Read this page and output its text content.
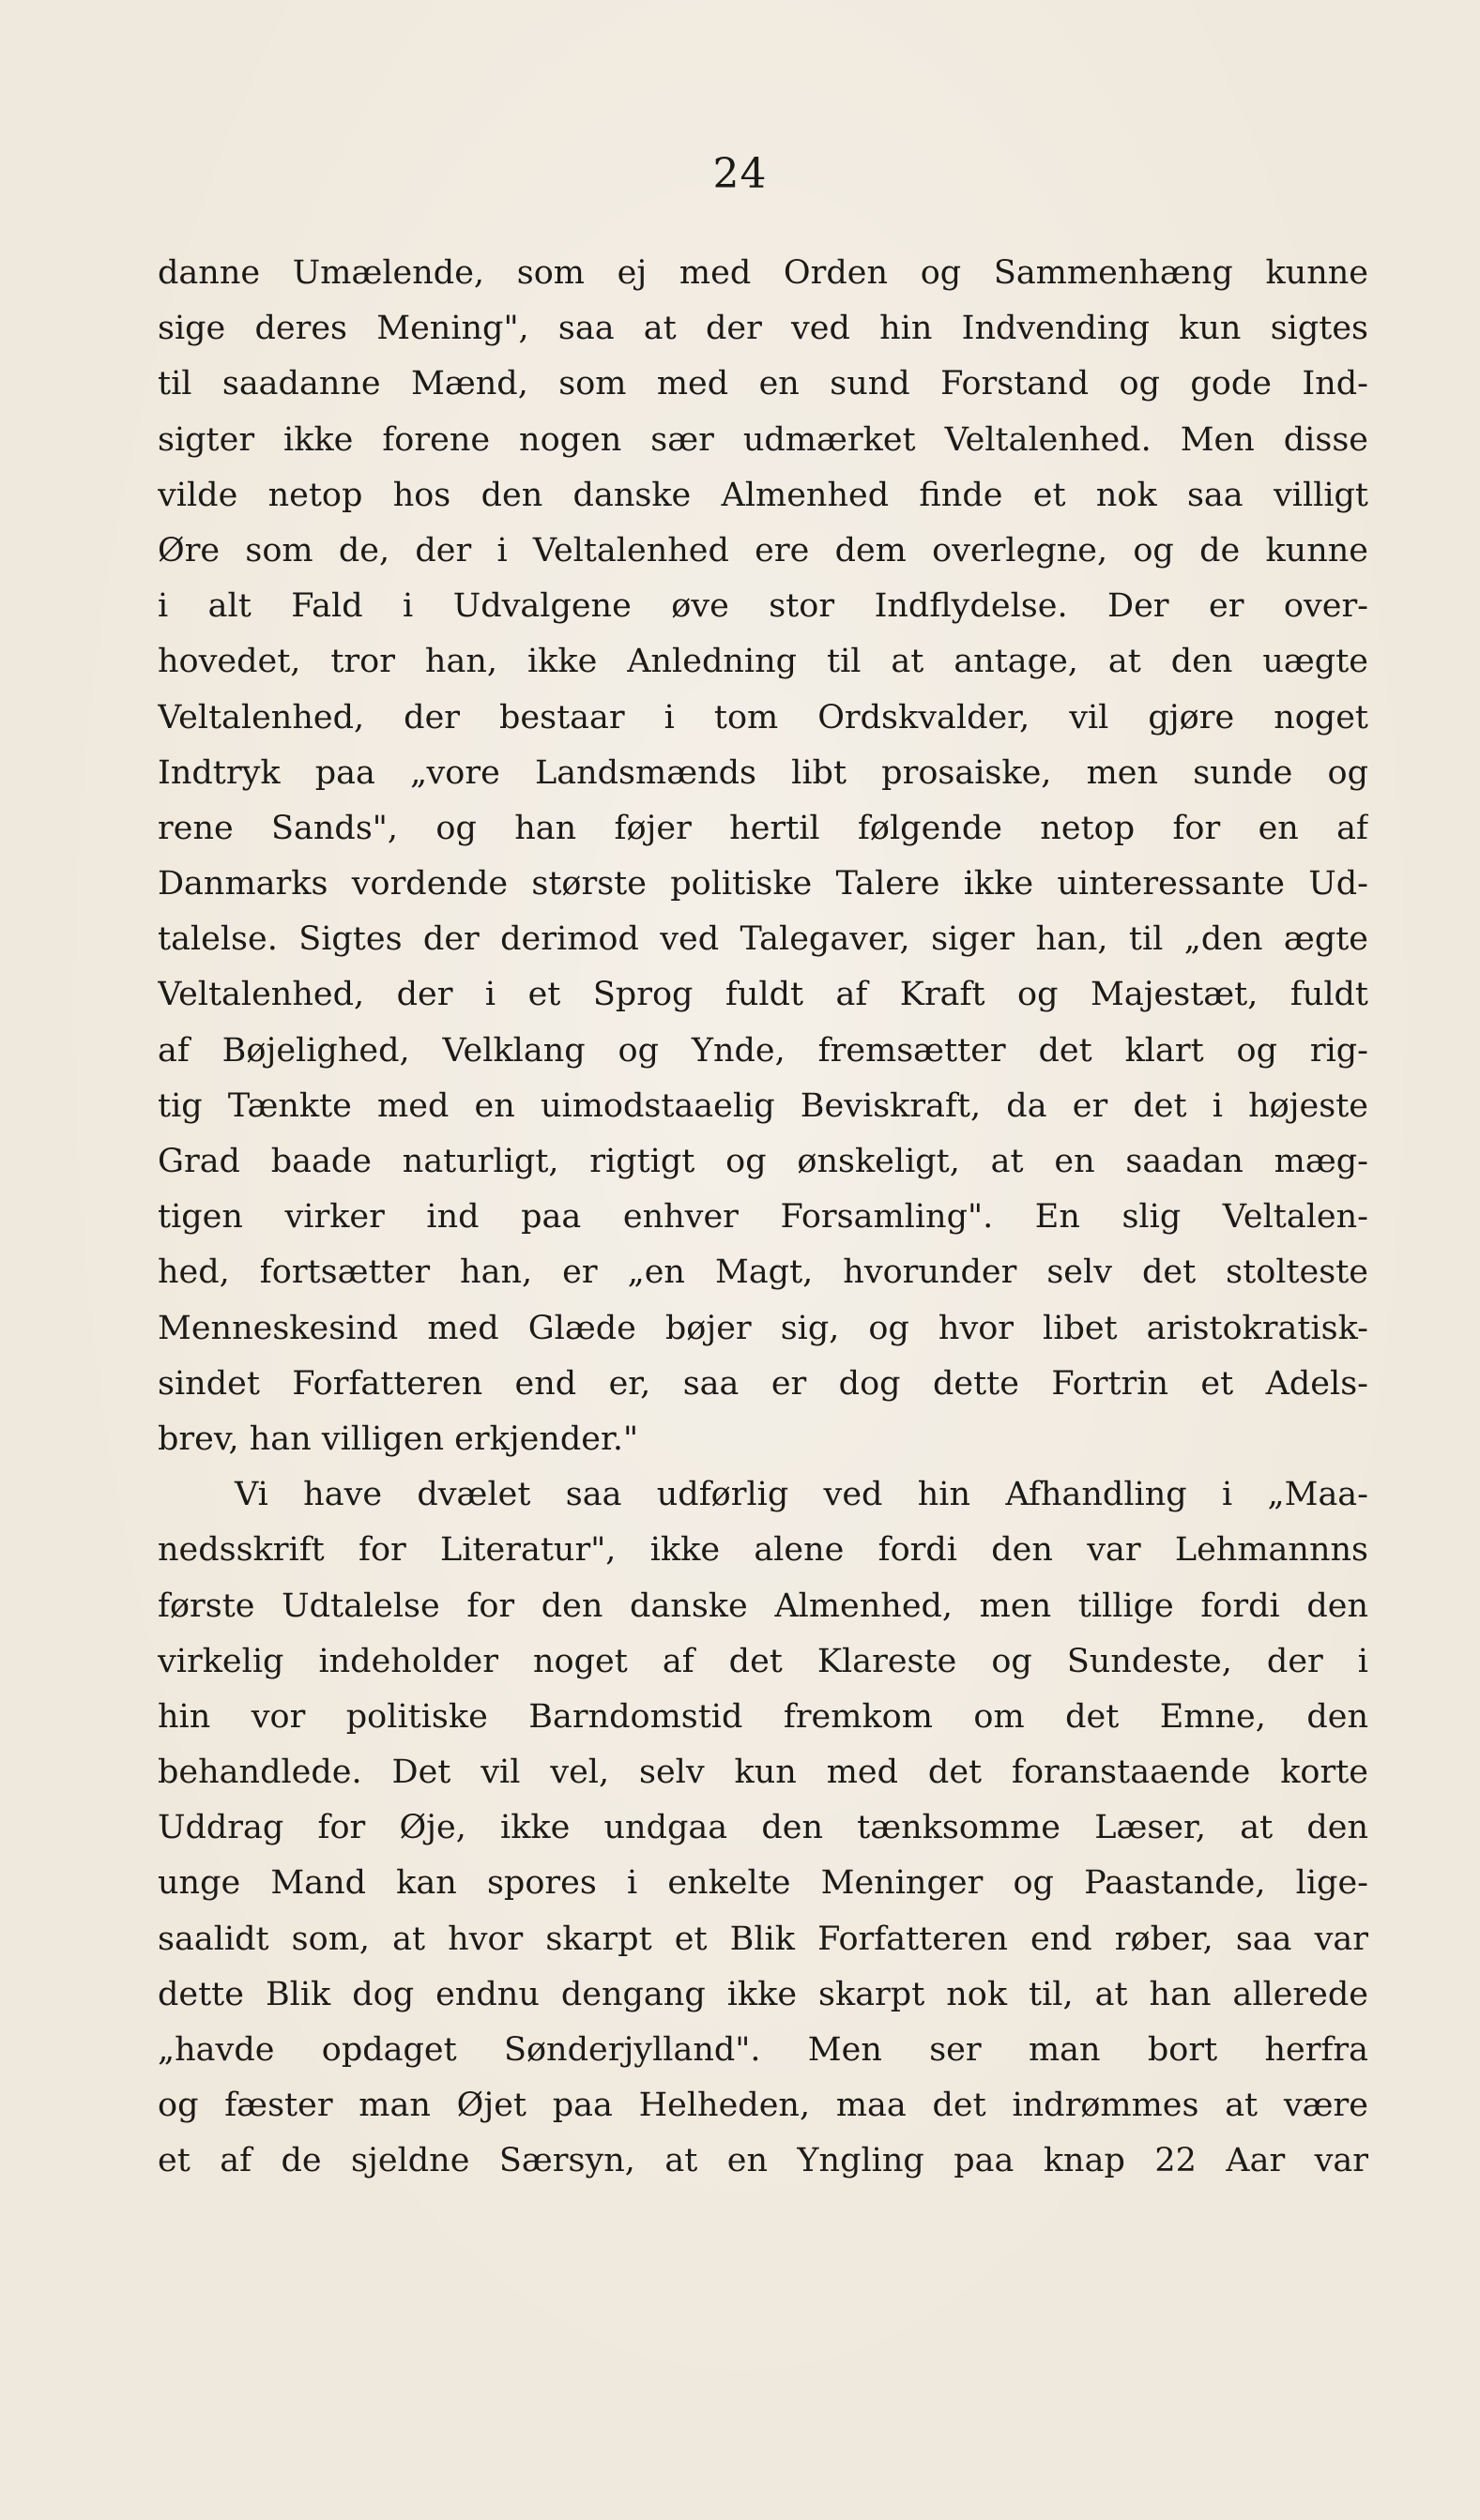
24
danne Umælende, som ej med Orden og Sammenhæng kunne
sige deres Mening", saa at der ved hin Indvending kun sigtes
til saadanne Mænd, som med en sund Forstand og gode Ind-
sigter ikke forene nogen sær udmærket Veltalenhed. Men disse
vilde netop hos den danske Almenhed finde et nok saa villigt
Øre som de, der i Veltalenhed ere dem overlegne, og de kunne
i alt Fald i Udvalgene øve stor Indflydelse. Der er over-
hovedet, tror han, ikke Anledning til at antage, at den uægte
Veltalenhed, der bestaar i tom Ordskvalder, vil gjøre noget
Indtryk paa „vore Landsmænds libt prosaiske, men sunde og
rene Sands", og han føjer hertil følgende netop for en af
Danmarks vordende største politiske Talere ikke uinteressante Ud-
talelse. Sigtes der derimod ved Talegaver, siger han, til „den ægte
Veltalenhed, der i et Sprog fuldt af Kraft og Majestæt, fuldt
af Bøjelighed, Velklang og Ynde, fremsætter det klart og rig-
tig Tænkte med en uimodstaaelig Beviskraft, da er det i højeste
Grad baade naturligt, rigtigt og ønskeligt, at en saadan mæg-
tigen virker ind paa enhver Forsamling". En slig Veltalen-
hed, fortsætter han, er „en Magt, hvorunder selv det stolteste
Menneskesind med Glæde bøjer sig, og hvor libet aristokratisk-
sindet Forfatteren end er, saa er dog dette Fortrin et Adels-
brev, han villigen erkjender."
Vi have dvælet saa udførlig ved hin Afhandling i „Maa-
nedsskrift for Literatur", ikke alene fordi den var Lehmannns
første Udtalelse for den danske Almenhed, men tillige fordi den
virkelig indeholder noget af det Klareste og Sundeste, der i
hin vor politiske Barndomstid fremkom om det Emne, den
behandlede. Det vil vel, selv kun med det foranstaaende korte
Uddrag for Øje, ikke undgaa den tænksomme Læser, at den
unge Mand kan spores i enkelte Meninger og Paastande, lige-
saalidt som, at hvor skarpt et Blik Forfatteren end røber, saa var
dette Blik dog endnu dengang ikke skarpt nok til, at han allerede
„havde opdaget Sønderjylland". Men ser man bort herfra
og fæster man Øjet paa Helheden, maa det indrømmes at være
et af de sjeldne Særsyn, at en Yngling paa knap 22 Aar var
